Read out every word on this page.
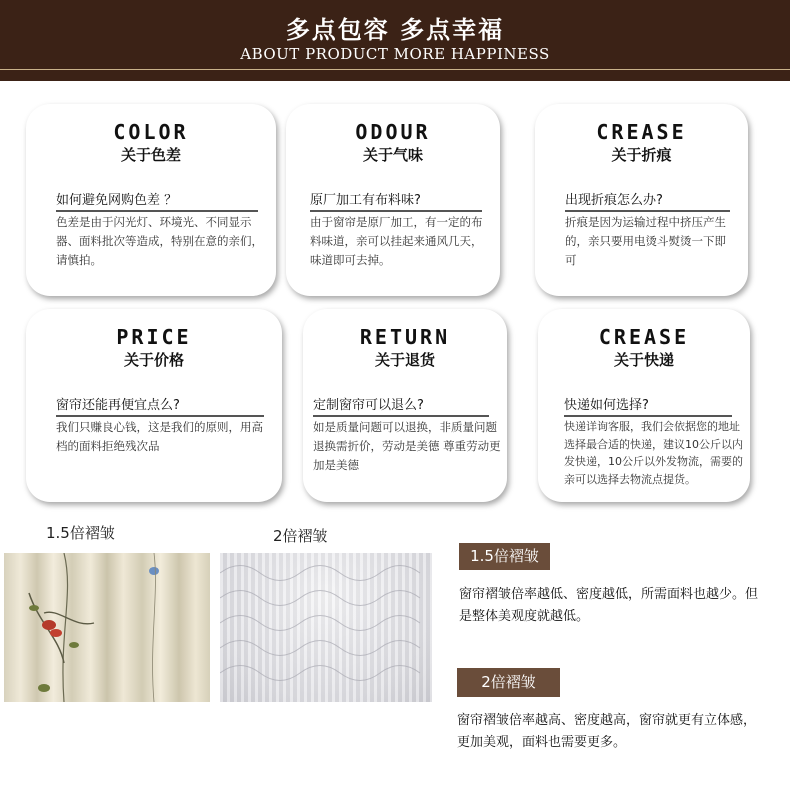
多点包容 多点幸福
ABOUT PRODUCT MORE HAPPINESS
COLOR
关于色差
如何避免网购色差 ？
色差是由于闪光灯、环境光、不同显示器、面料批次等造成，特别在意的亲们，请慎拍。
ODOUR
关于气味
原厂加工有布料味?
由于窗帘是原厂加工，有一定的布料味道，亲可以挂起来通风几天，味道即可去掉。
CREASE
关于折痕
出现折痕怎么办?
折痕是因为运输过程中挤压产生的，亲只要用电烫斗熨烫一下即可
PRICE
关于价格
窗帘还能再便宜点么?
我们只赚良心钱，这是我们的原则，用高档的面料拒绝残次品
RETURN
关于退货
定制窗帘可以退么?
如是质量问题可以退换，非质量问题退换需折价，劳动是美德 尊重劳动更加是美德
CREASE
关于快递
快递如何选择?
快递详询客服，我们会依据您的地址选择最合适的快递，建议10公斤以内发快递，10公斤以外发物流，需要的亲可以选择去物流点提货。
1.5倍褶皱	2倍褶皱
1.5倍褶皱
窗帘褶皱倍率越低、密度越低，所需面料也越少。但是整体美观度就越低。
2倍褶皱
窗帘褶皱倍率越高、密度越高，窗帘就更有立体感，更加美观，面料也需要更多。
